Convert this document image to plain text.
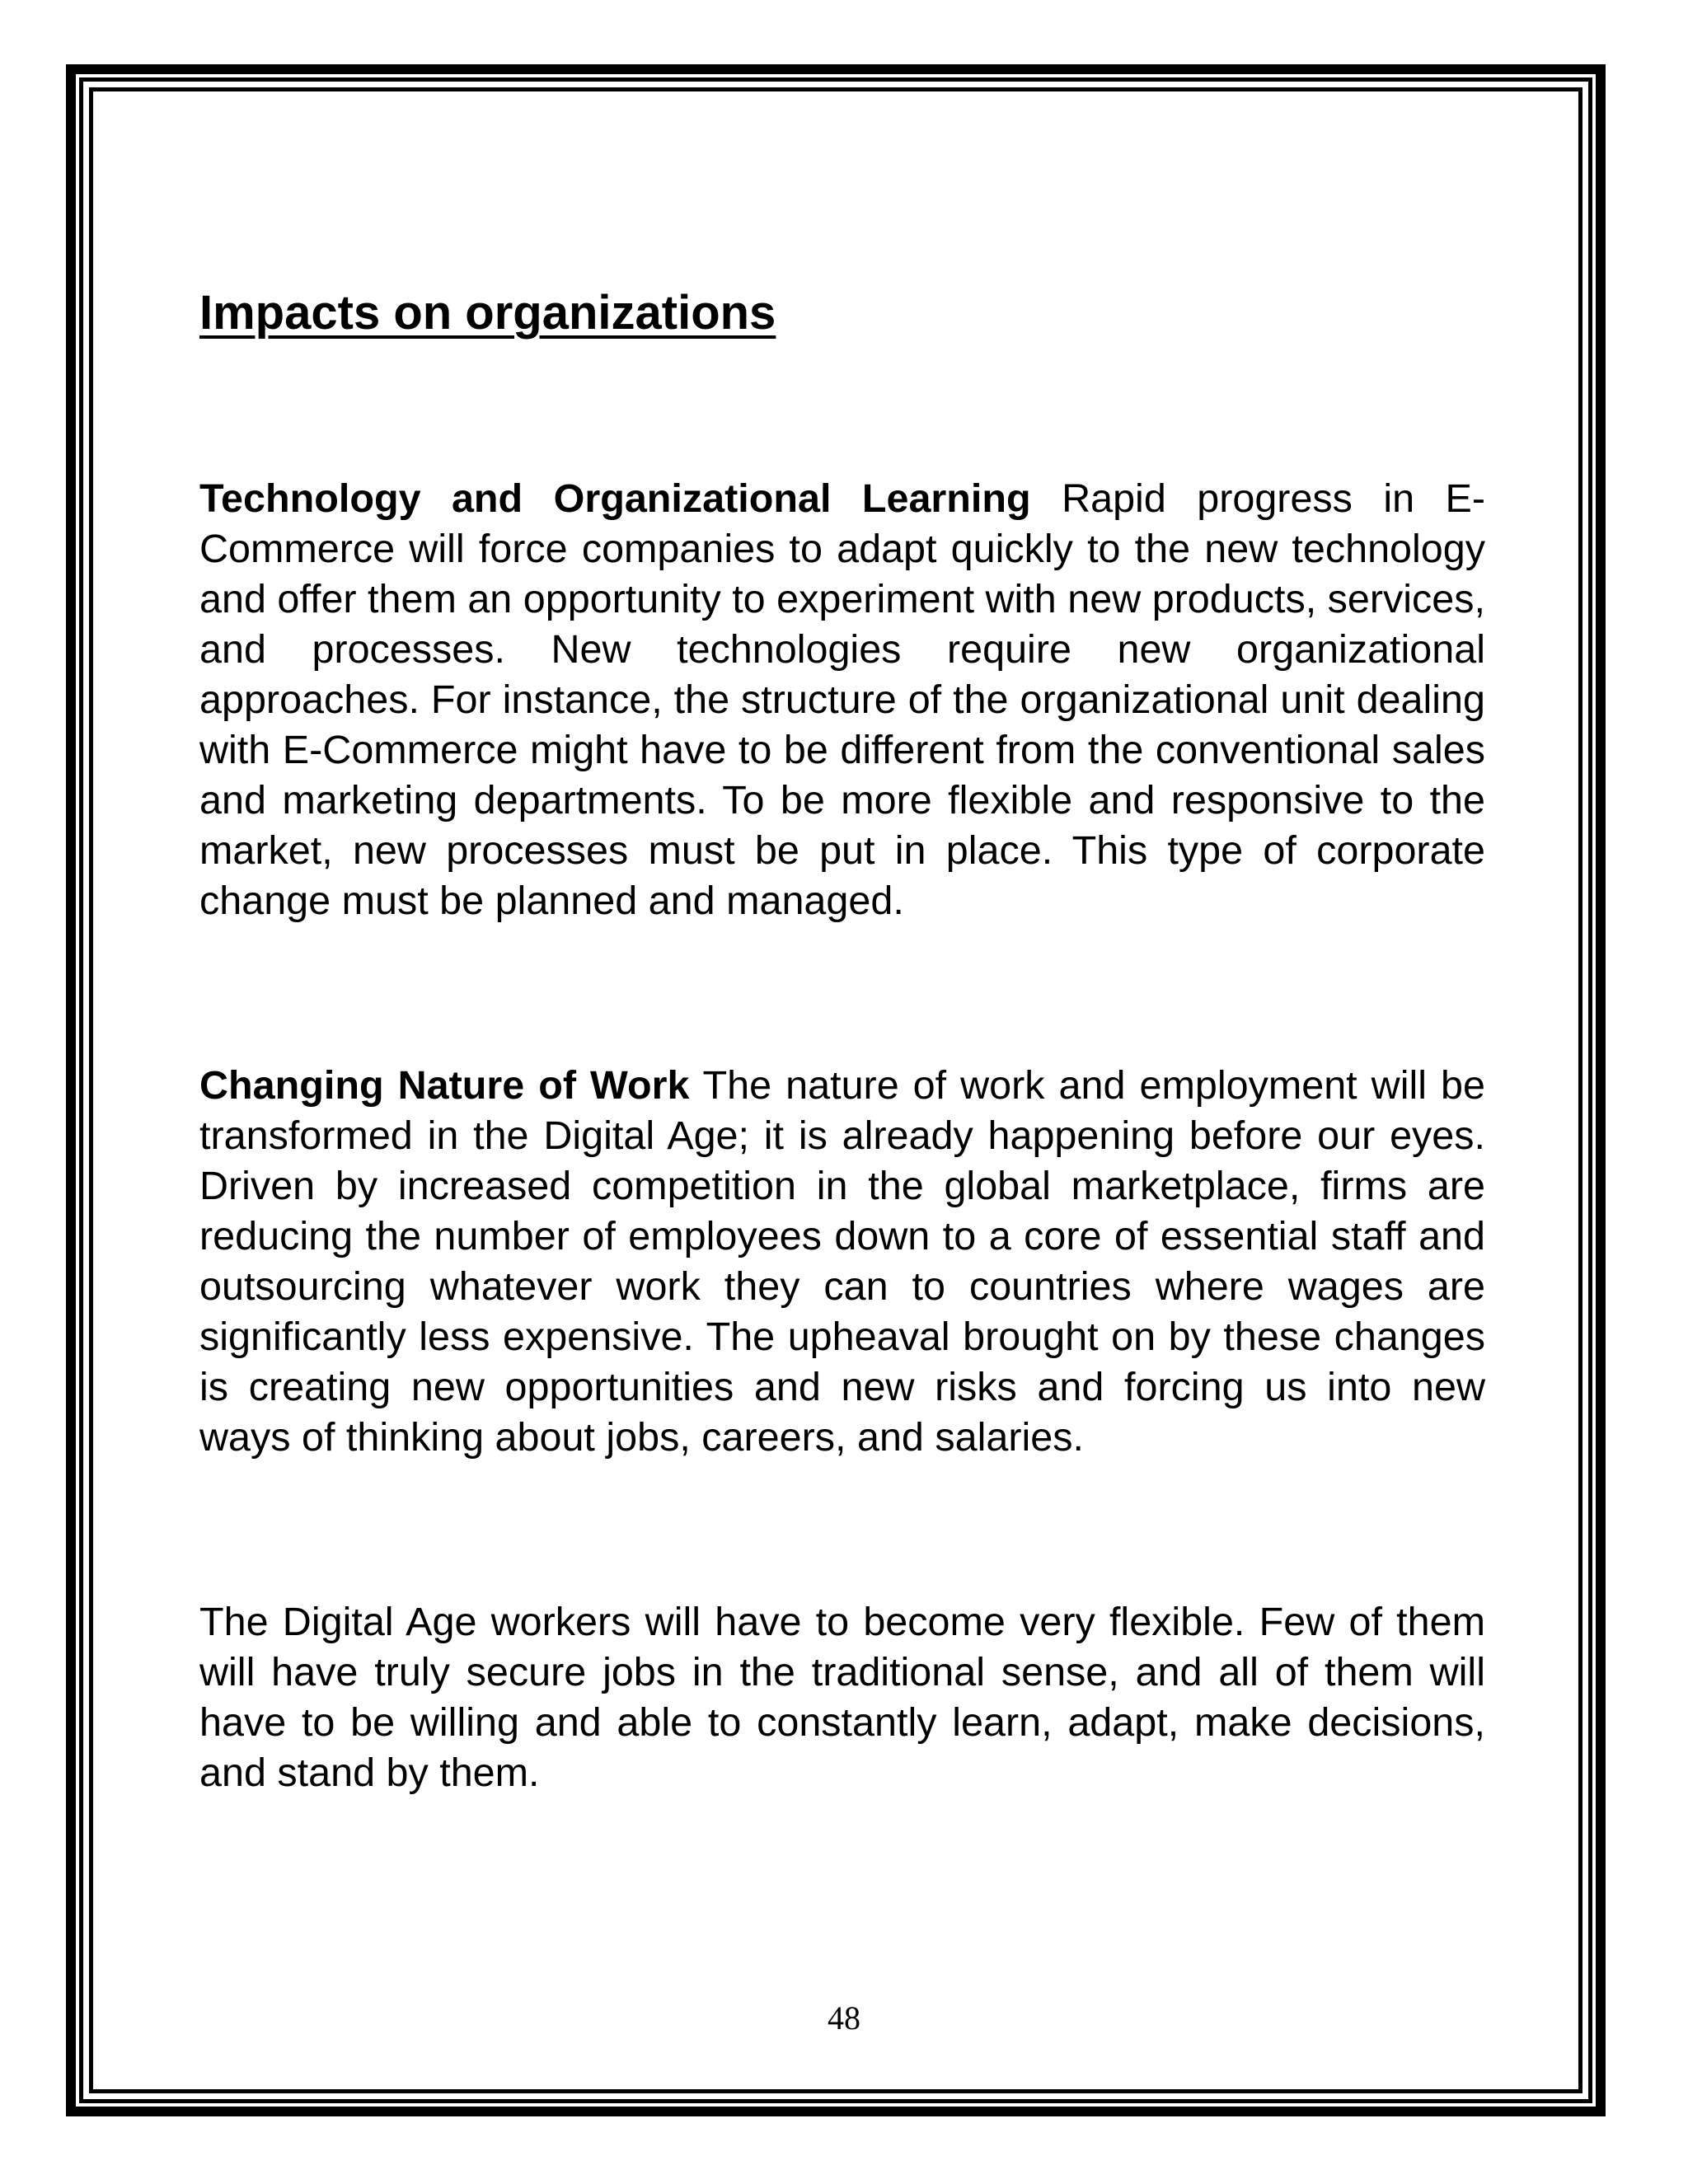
Impacts on organizations

Technology and Organizational Learning Rapid progress in E-Commerce will force companies to adapt quickly to the new technology and offer them an opportunity to experiment with new products, services, and processes. New technologies require new organizational approaches. For instance, the structure of the organizational unit dealing with E-Commerce might have to be different from the conventional sales and marketing departments. To be more flexible and responsive to the market, new processes must be put in place. This type of corporate change must be planned and managed.

Changing Nature of Work The nature of work and employment will be transformed in the Digital Age; it is already happening before our eyes. Driven by increased competition in the global marketplace, firms are reducing the number of employees down to a core of essential staff and outsourcing whatever work they can to countries where wages are significantly less expensive. The upheaval brought on by these changes is creating new opportunities and new risks and forcing us into new ways of thinking about jobs, careers, and salaries.

The Digital Age workers will have to become very flexible. Few of them will have truly secure jobs in the traditional sense, and all of them will have to be willing and able to constantly learn, adapt, make decisions, and stand by them.

48
